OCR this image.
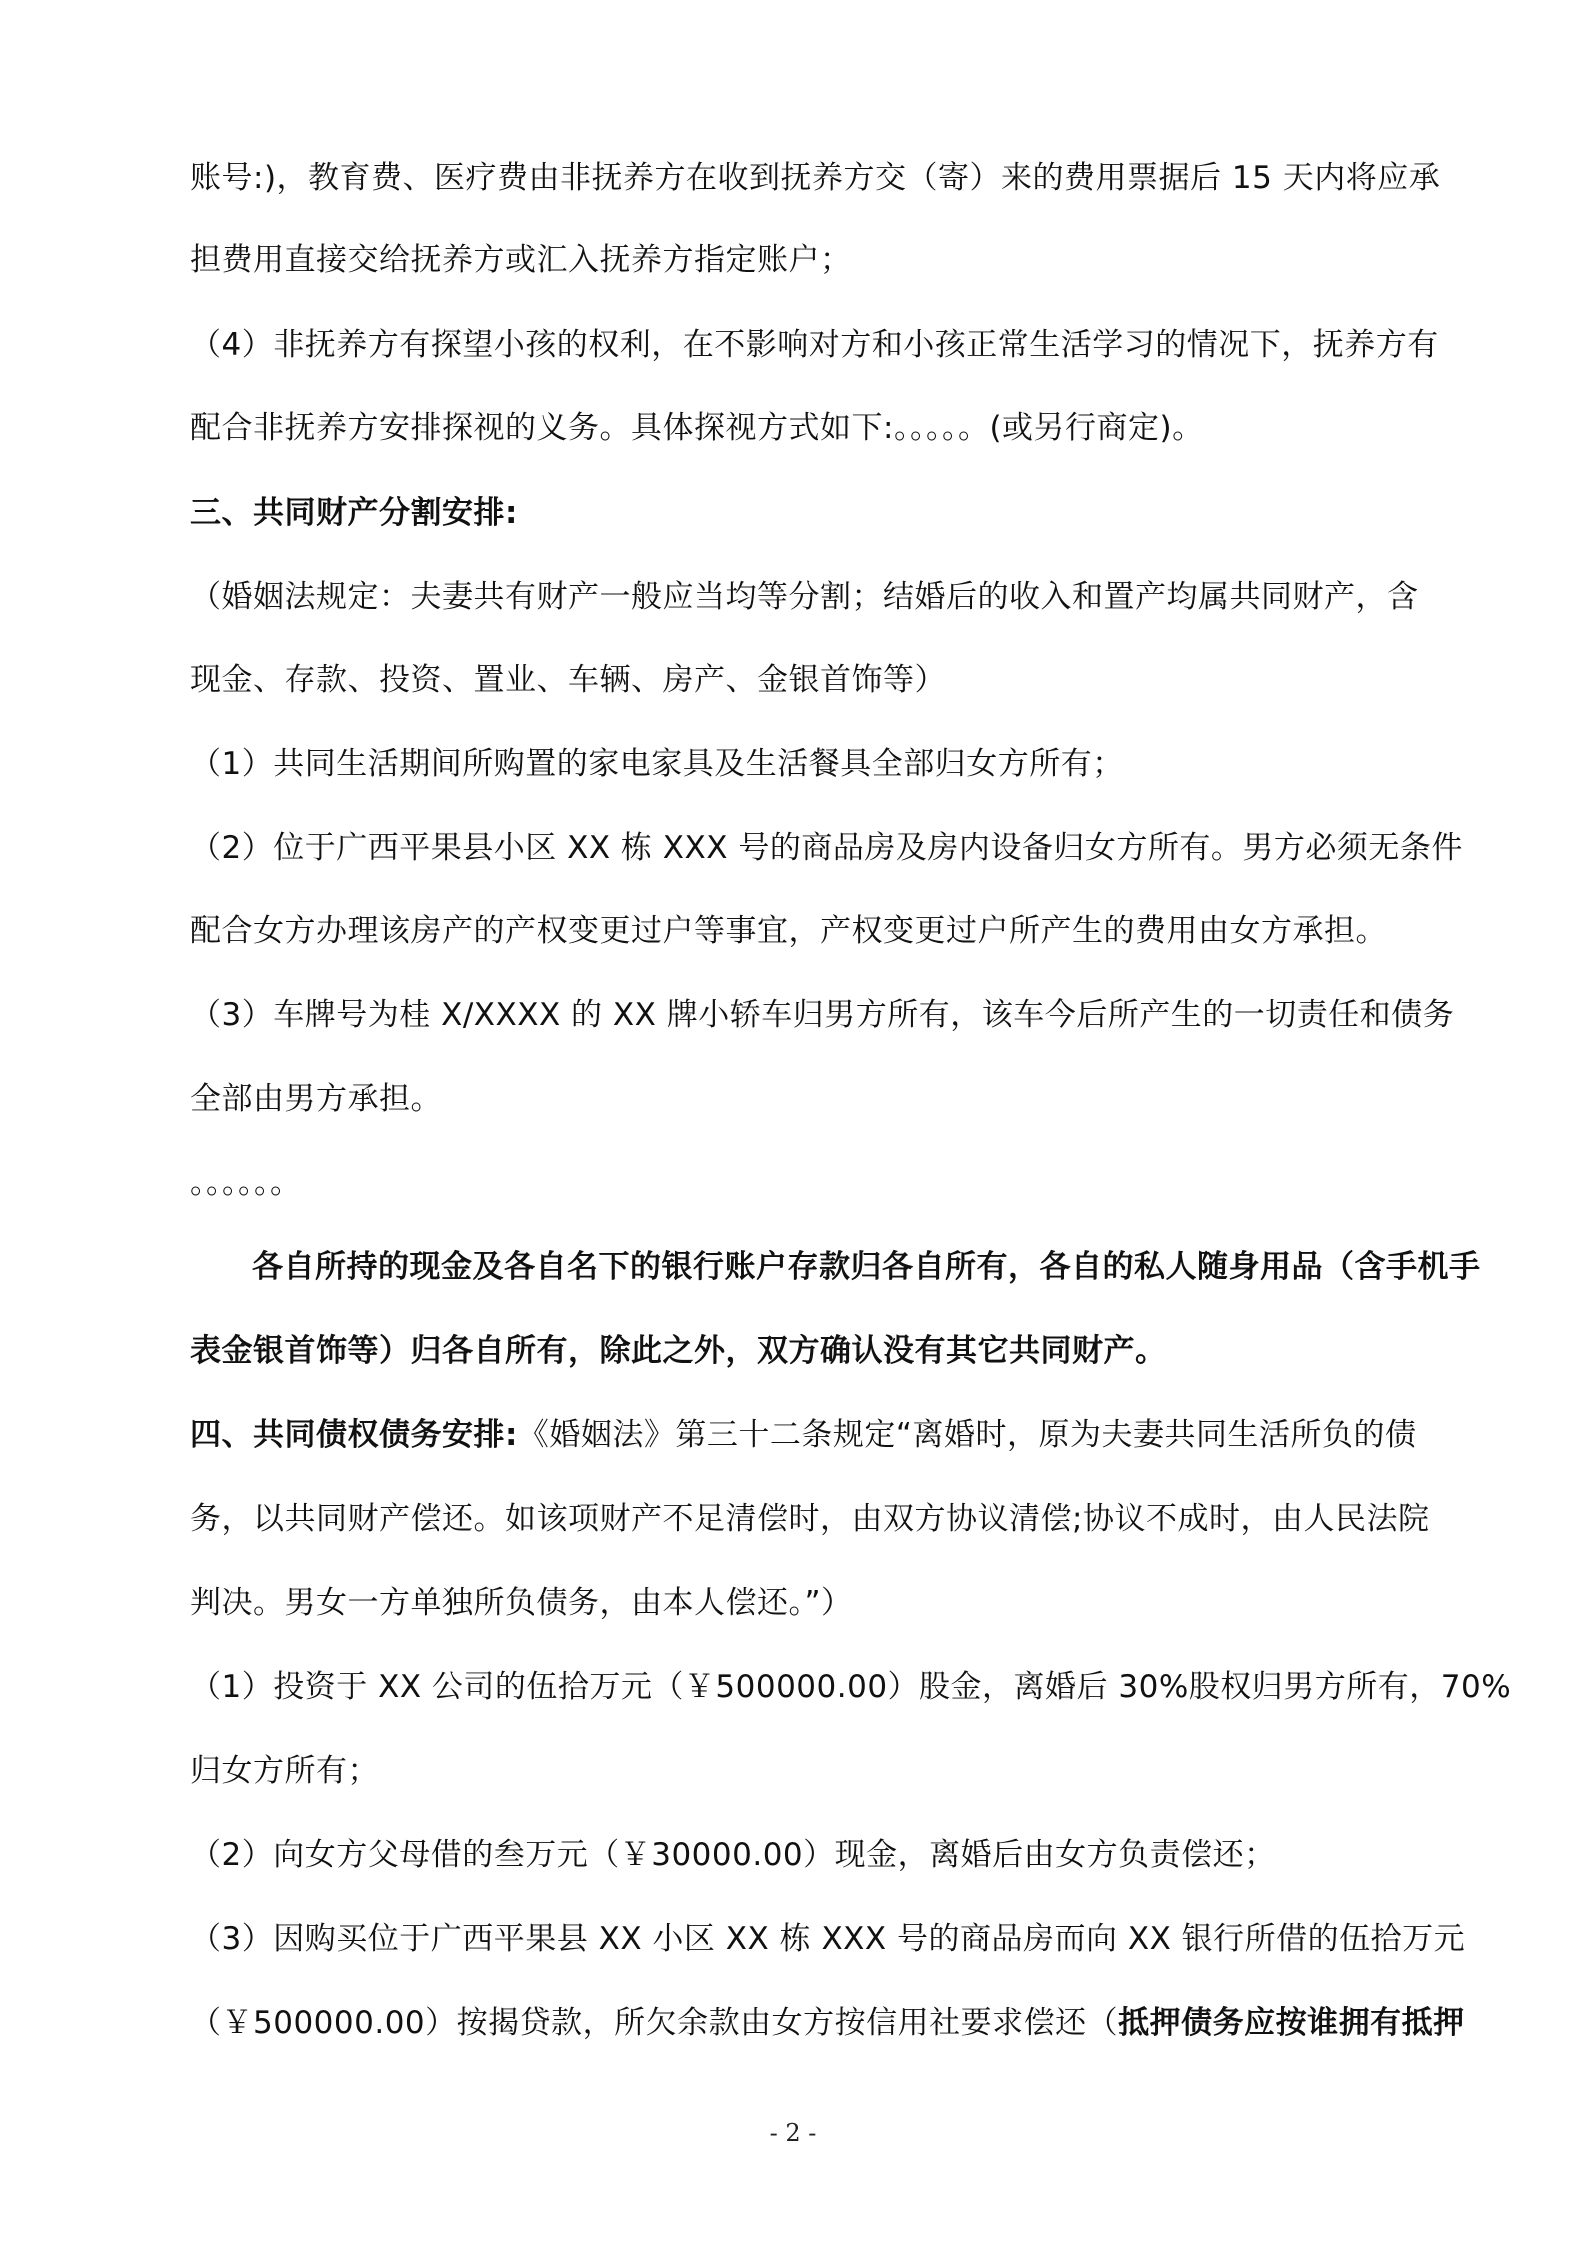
账号:)，教育费、医疗费由非抚养方在收到抚养方交（寄）来的费用票据后 15 天内将应承
担费用直接交给抚养方或汇入抚养方指定账户；
（4）非抚养方有探望小孩的权利，在不影响对方和小孩正常生活学习的情况下，抚养方有
配合非抚养方安排探视的义务。具体探视方式如下:。。。。。(或另行商定)。
三、共同财产分割安排:
（婚姻法规定：夫妻共有财产一般应当均等分割；结婚后的收入和置产均属共同财产，含
现金、存款、投资、置业、车辆、房产、金银首饰等）
（1）共同生活期间所购置的家电家具及生活餐具全部归女方所有；
（2）位于广西平果县小区 XX 栋 XXX 号的商品房及房内设备归女方所有。男方必须无条件
配合女方办理该房产的产权变更过户等事宜，产权变更过户所产生的费用由女方承担。
（3）车牌号为桂 X/XXXX 的 XX 牌小轿车归男方所有，该车今后所产生的一切责任和债务
全部由男方承担。
。。。。。。
各自所持的现金及各自名下的银行账户存款归各自所有，各自的私人随身用品（含手机手
表金银首饰等）归各自所有，除此之外，双方确认没有其它共同财产。
四、共同债权债务安排:《婚姻法》第三十二条规定“离婚时，原为夫妻共同生活所负的债
务，以共同财产偿还。如该项财产不足清偿时，由双方协议清偿;协议不成时，由人民法院
判决。男女一方单独所负债务，由本人偿还。”）
（1）投资于 XX 公司的伍拾万元（￥500000.00）股金，离婚后 30%股权归男方所有，70%
归女方所有；
（2）向女方父母借的叁万元（￥30000.00）现金，离婚后由女方负责偿还；
（3）因购买位于广西平果县 XX 小区 XX 栋 XXX 号的商品房而向 XX 银行所借的伍拾万元
（￥500000.00）按揭贷款，所欠余款由女方按信用社要求偿还（抵押债务应按谁拥有抵押
- 2 -
